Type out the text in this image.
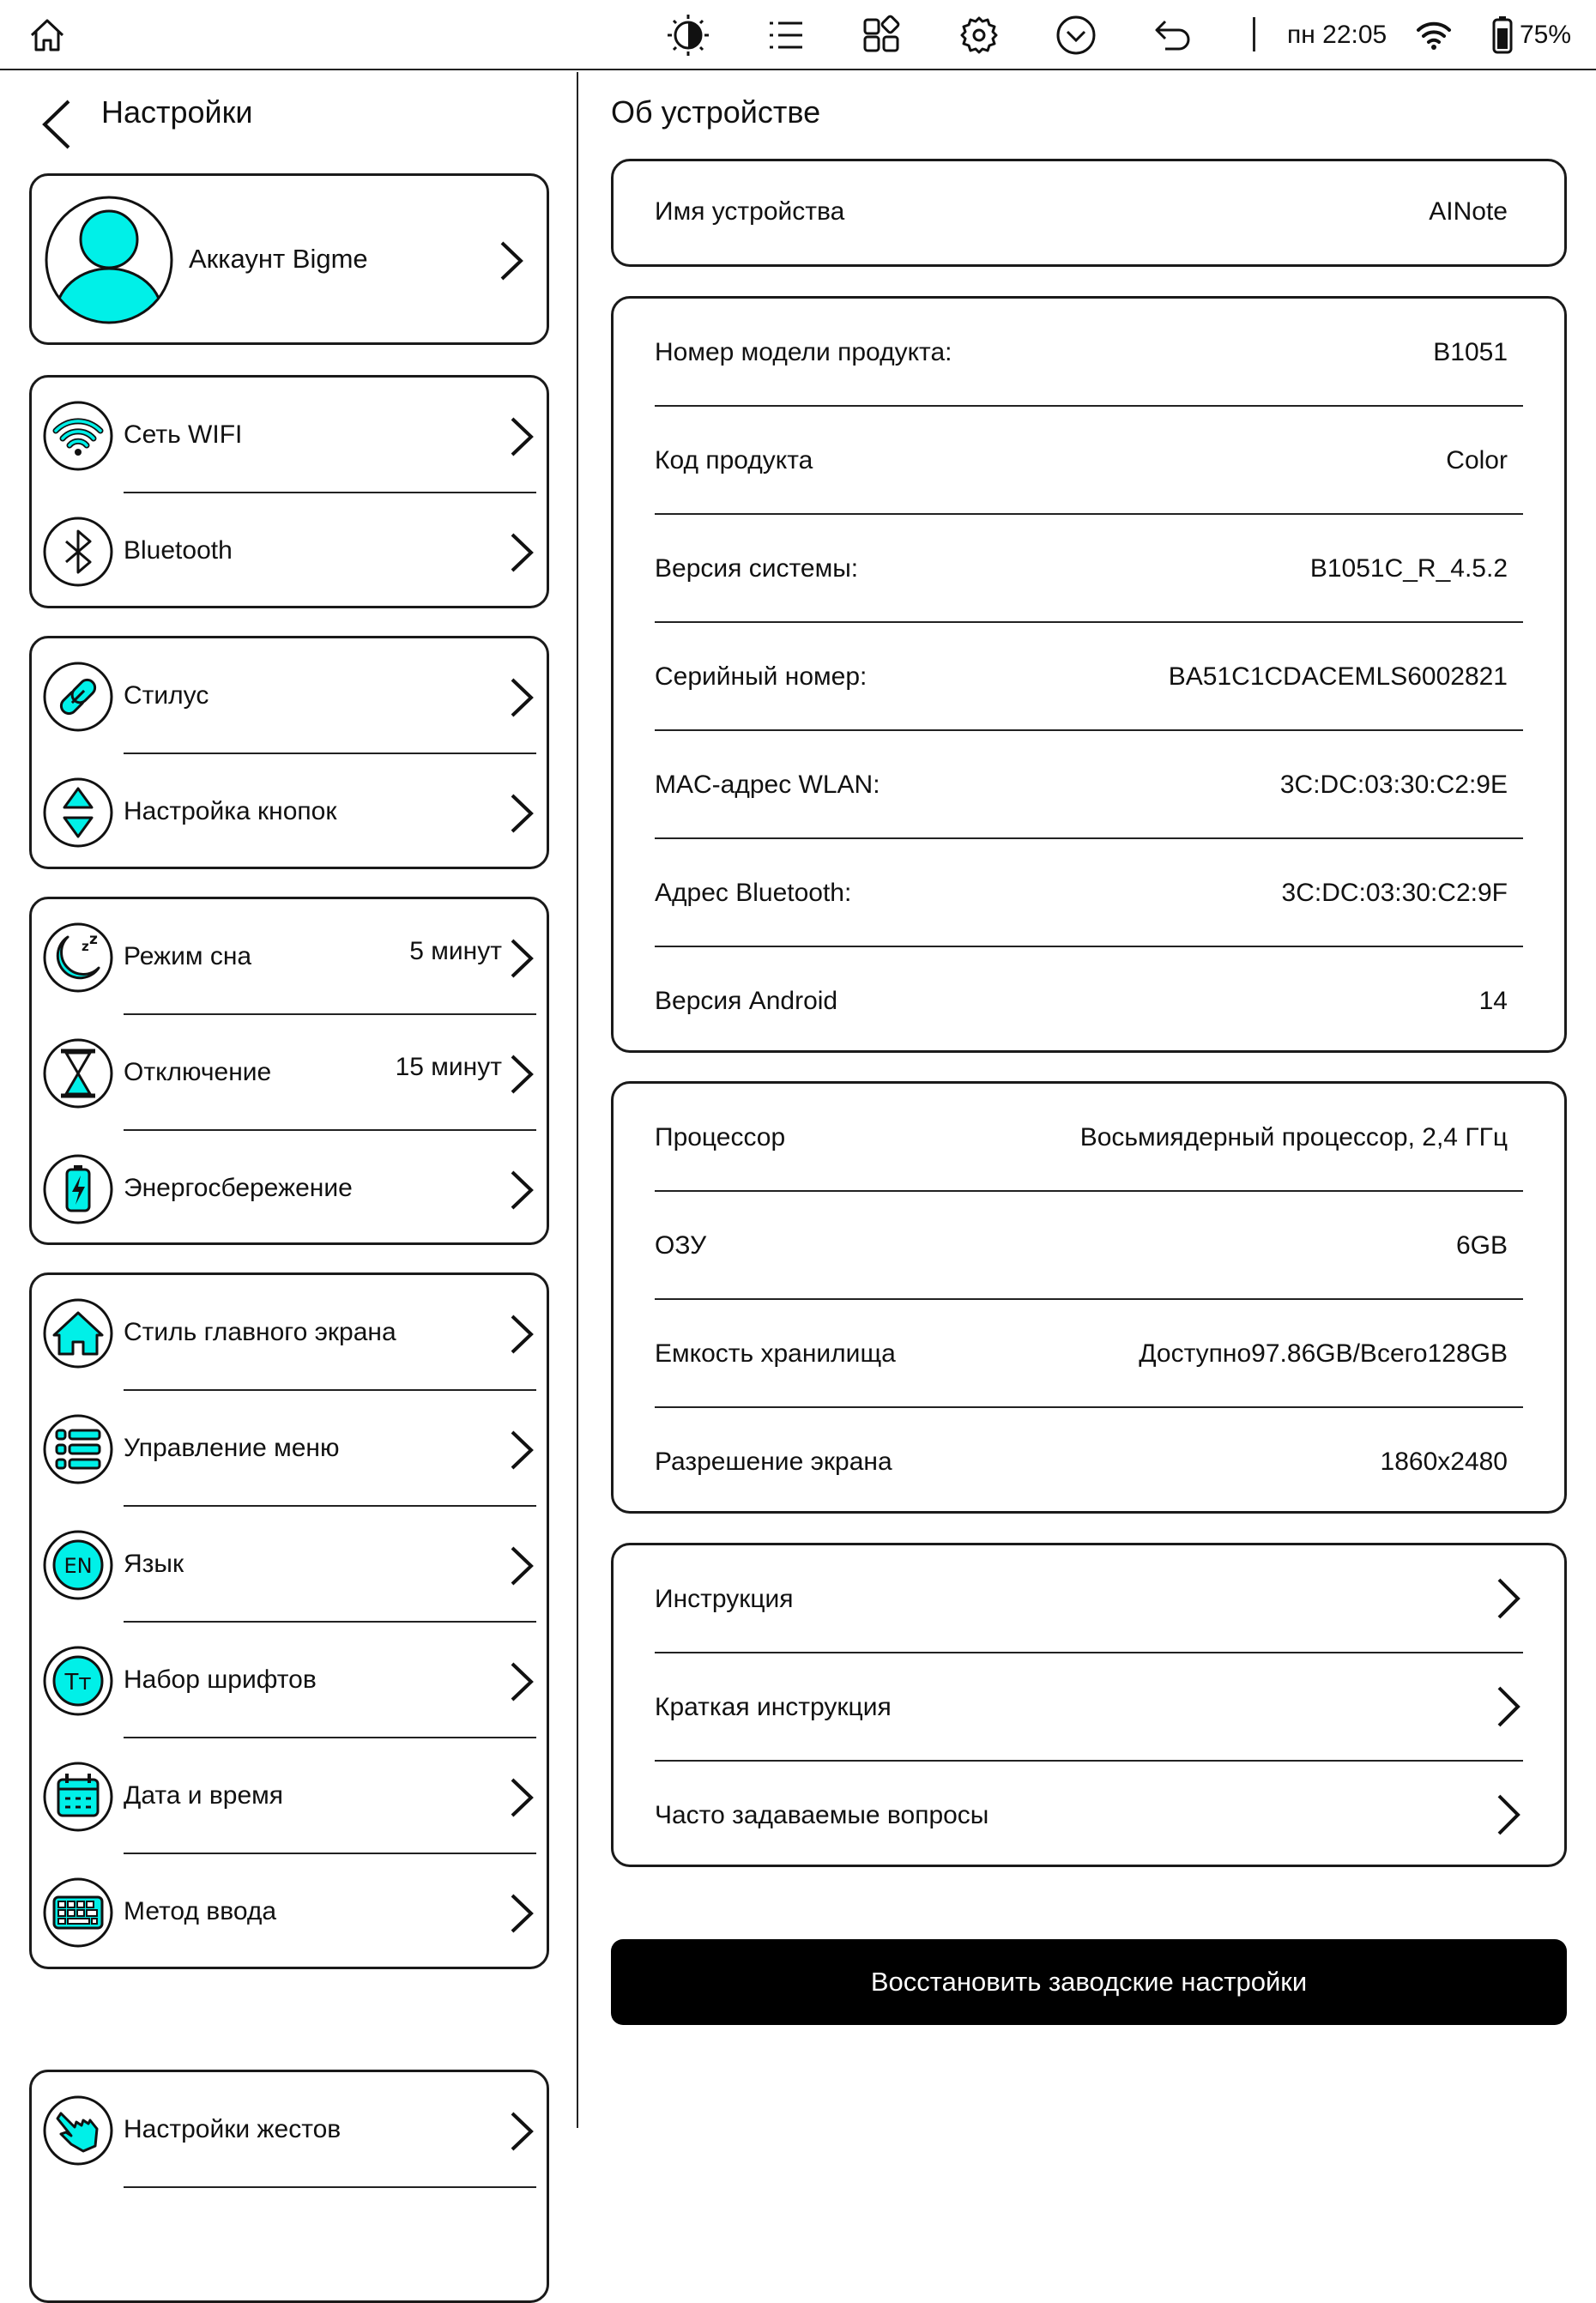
пн 22:05	75%
Настройки
Аккаунт Bigme
Сеть WIFI
Bluetooth
Стилус
Настройка кнопок
z z
Режим сна	5 минут
Отключение	15 минут
Энергосбережение
Стиль главного экрана
Управление меню
EN Язык
Tт Набор шрифтов
Дата и время
Метод ввода
Настройки жестов
Об устройстве
Имя устройства	AINote
Номер модели продукта:	B1051
Код продукта	Color
Версия системы:	B1051C_R_4.5.2
Серийный номер:	BA51C1CDACEMLS6002821
MAC-адрес WLAN:	3C:DC:03:30:C2:9E
Адрес Bluetooth:	3C:DC:03:30:C2:9F
Версия Android	14
Процессор	Восьмиядерный процессор, 2,4 ГГц
ОЗУ	6GB
Емкость хранилища	Доступно97.86GB/Всего128GB
Разрешение экрана	1860x2480
Инструкция
Краткая инструкция
Часто задаваемые вопросы
Восстановить заводские настройки
